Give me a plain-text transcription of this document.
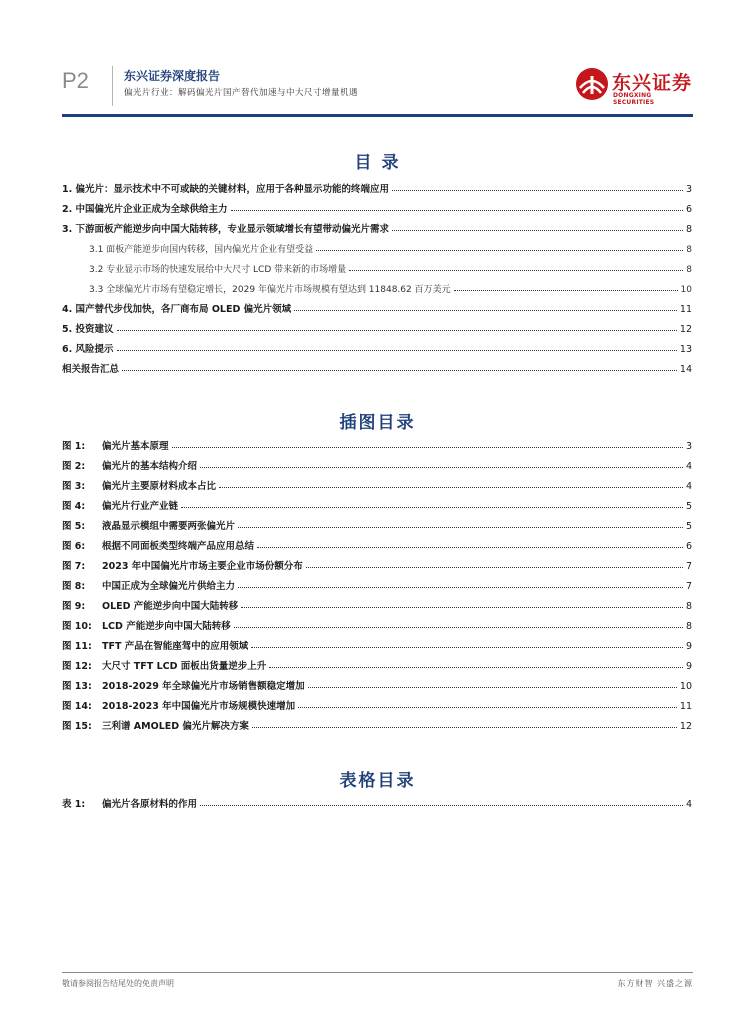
P2	东兴证券深度报告
偏光片行业：解码偏光片国产替代加速与中大尺寸增量机遇	东兴证券
DONGXING SECURITIES
目 录
1. 偏光片：显示技术中不可或缺的关键材料，应用于各种显示功能的终端应用	3
2. 中国偏光片企业正成为全球供给主力	6
3. 下游面板产能逆步向中国大陆转移，专业显示领域增长有望带动偏光片需求	8
3.1 面板产能逆步向国内转移，国内偏光片企业有望受益	8
3.2 专业显示市场的快速发展给中大尺寸 LCD 带来新的市场增量	8
3.3 全球偏光片市场有望稳定增长，2029 年偏光片市场规模有望达到 11848.62 百万美元	10
4. 国产替代步伐加快，各厂商布局 OLED 偏光片领域	11
5. 投资建议	12
6. 风险提示	13
相关报告汇总	14
插图目录
图 1:	偏光片基本原理	3
图 2:	偏光片的基本结构介绍	4
图 3:	偏光片主要原材料成本占比	4
图 4:	偏光片行业产业链	5
图 5:	液晶显示模组中需要两张偏光片	5
图 6:	根据不同面板类型终端产品应用总结	6
图 7:	2023 年中国偏光片市场主要企业市场份额分布	7
图 8:	中国正成为全球偏光片供给主力	7
图 9:	OLED 产能逆步向中国大陆转移	8
图 10:	LCD 产能逆步向中国大陆转移	8
图 11:	TFT 产品在智能座驾中的应用领域	9
图 12:	大尺寸 TFT LCD 面板出货量逆步上升	9
图 13:	2018-2029 年全球偏光片市场销售额稳定增加	10
图 14:	2018-2023 年中国偏光片市场规模快速增加	11
图 15:	三利谱 AMOLED 偏光片解决方案	12
表格目录
表 1:	偏光片各原材料的作用	4
敬请参阅报告结尾处的免责声明	东方财智 兴盛之源
